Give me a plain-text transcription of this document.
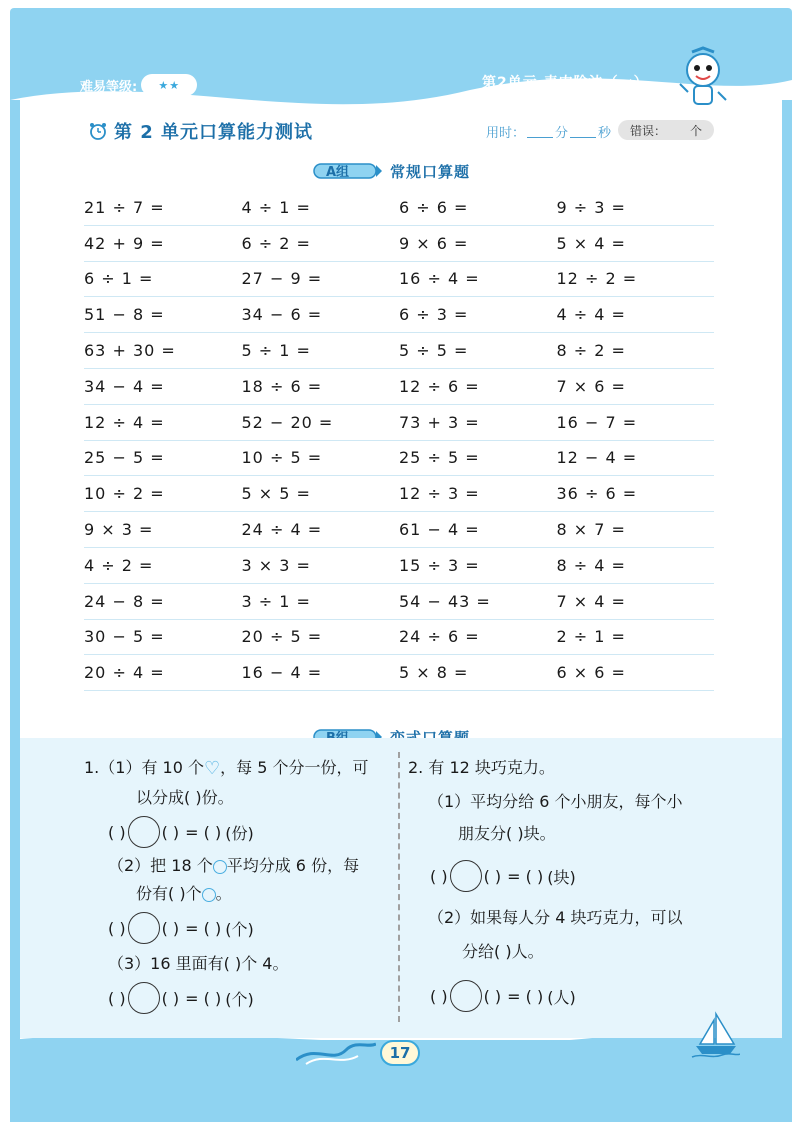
难易等级: ★★	第2单元 表内除法（一）
第 2 单元口算能力测试	用时： 分 秒 错误： 个
A组	常规口算题
21 ÷ 7 =	4 ÷ 1 =	6 ÷ 6 =	9 ÷ 3 =
42 + 9 =	6 ÷ 2 =	9 × 6 =	5 × 4 =
6 ÷ 1 =	27 − 9 =	16 ÷ 4 =	12 ÷ 2 =
51 − 8 =	34 − 6 =	6 ÷ 3 =	4 ÷ 4 =
63 + 30 =	5 ÷ 1 =	5 ÷ 5 =	8 ÷ 2 =
34 − 4 =	18 ÷ 6 =	12 ÷ 6 =	7 × 6 =
12 ÷ 4 =	52 − 20 =	73 + 3 =	16 − 7 =
25 − 5 =	10 ÷ 5 =	25 ÷ 5 =	12 − 4 =
10 ÷ 2 =	5 × 5 =	12 ÷ 3 =	36 ÷ 6 =
9 × 3 =	24 ÷ 4 =	61 − 4 =	8 × 7 =
4 ÷ 2 =	3 × 3 =	15 ÷ 3 =	8 ÷ 4 =
24 − 8 =	3 ÷ 1 =	54 − 43 =	7 × 4 =
30 − 5 =	20 ÷ 5 =	24 ÷ 6 =	2 ÷ 1 =
20 ÷ 4 =	16 − 4 =	5 × 8 =	6 × 6 =
1.（1）有 10 个♡，每 5 个分一份，可
以分成( )份。
( ) ( ) = ( ) (份)
（2）把 18 个 平均分成 6 份，每
份有( )个 。
( ) ( ) = ( ) (个)
（3）16 里面有( )个 4。
( ) ( ) = ( ) (个)
2. 有 12 块巧克力。
（1）平均分给 6 个小朋友，每个小
朋友分( )块。
( ) ( ) = ( ) (块)
（2）如果每人分 4 块巧克力，可以
分给( )人。
( ) ( ) = ( ) (人)
17
